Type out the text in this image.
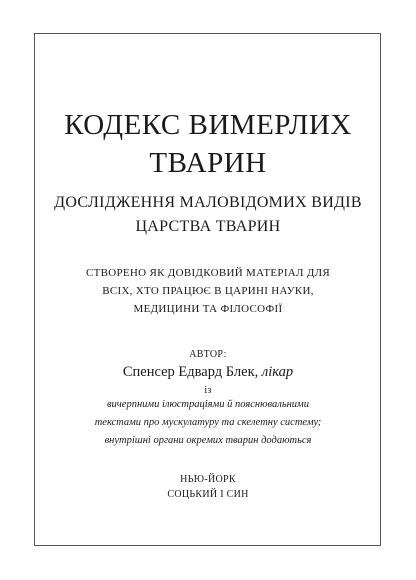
КОДЕКС ВИМЕРЛИХ
ТВАРИН
ДОСЛІДЖЕННЯ МАЛОВІДОМИХ ВИДІВ
ЦАРСТВА ТВАРИН
СТВОРЕНО ЯК ДОВІДКОВИЙ МАТЕРІАЛ ДЛЯ
ВСІХ, ХТО ПРАЦЮЄ В ЦАРИНІ НАУКИ,
МЕДИЦИНИ ТА ФІЛОСОФІЇ
АВТОР:
Спенсер Едвард Блек, лікар
із
вичерпними ілюстраціями й пояснювальними
текстами про мускулатуру та скелетну систему;
внутрішні органи окремих тварин додаються
НЬЮ-ЙОРК
СОЦЬКИЙ І СИН
